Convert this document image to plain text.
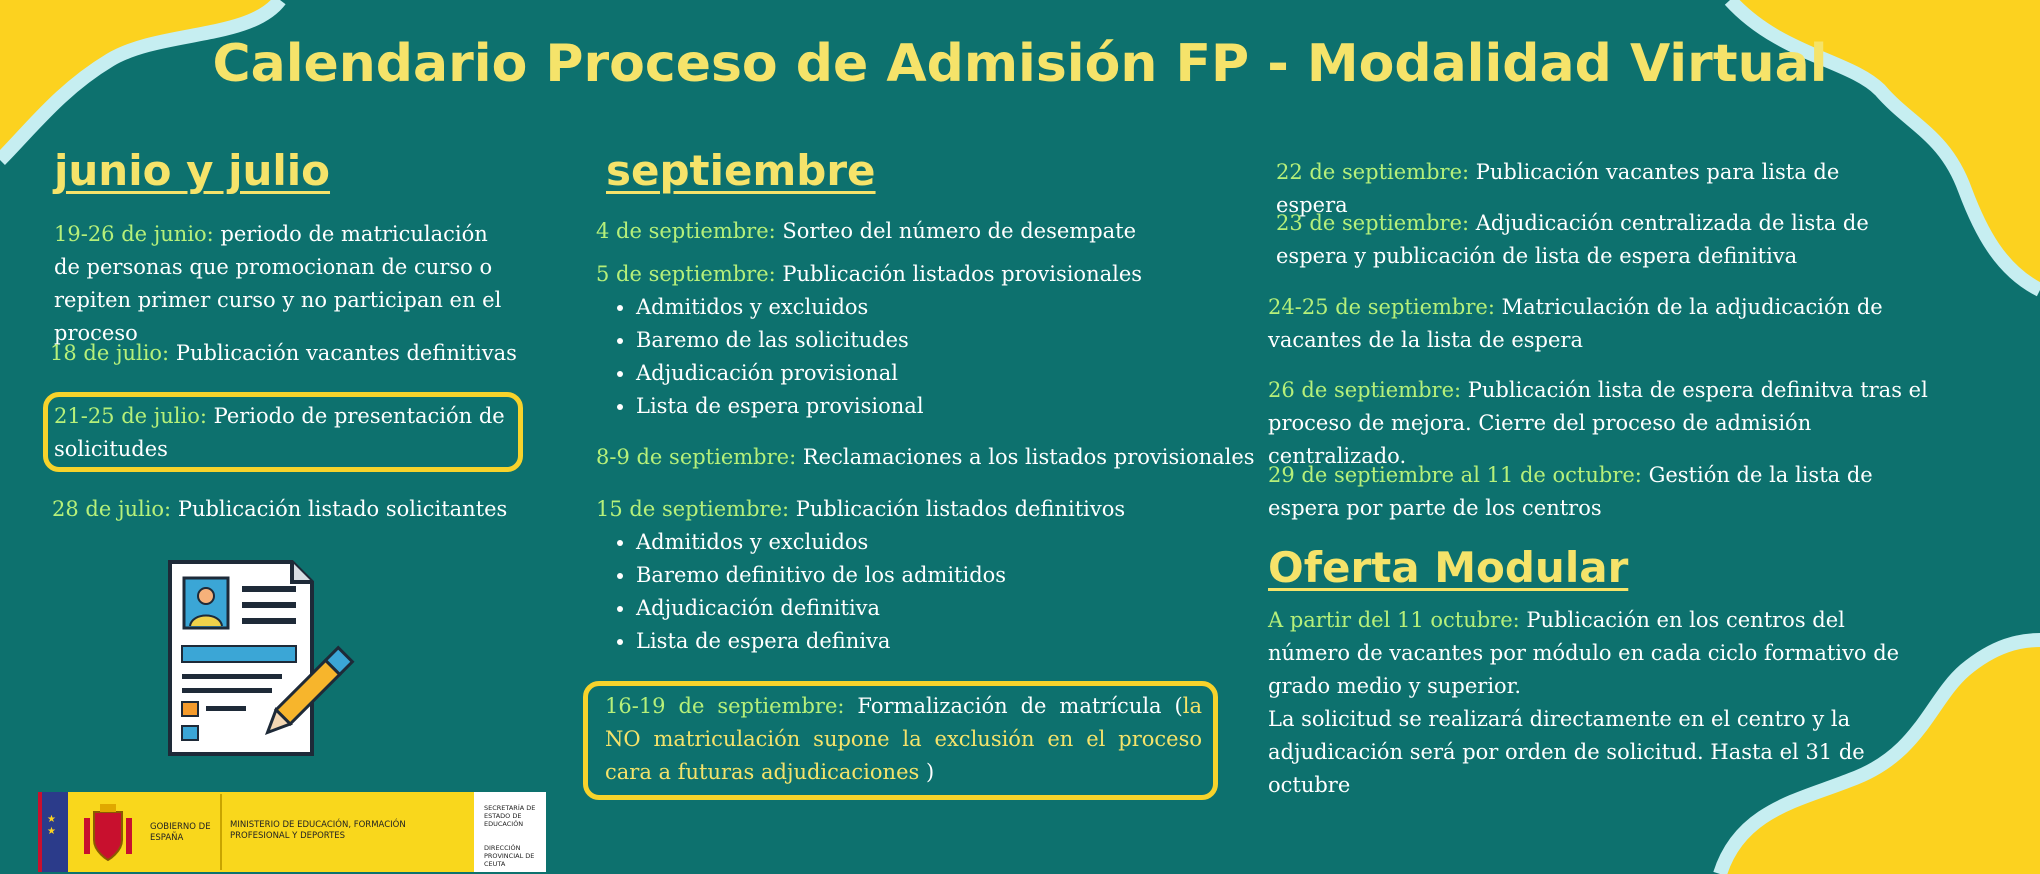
Calendario Proceso de Admisión FP - Modalidad Virtual
junio y julio
19-26 de junio: periodo de matriculación de personas que promocionan de curso o repiten primer curso y no participan en el proceso
18 de julio: Publicación vacantes definitivas
21-25 de julio: Periodo de presentación de solicitudes
28 de julio: Publicación listado solicitantes
★
★	GOBIERNO DE ESPAÑA
MINISTERIO DE EDUCACIÓN, FORMACIÓN PROFESIONAL Y DEPORTES
SECRETARÍA DE ESTADO DE EDUCACIÓN
DIRECCIÓN PROVINCIAL DE CEUTA
septiembre
4 de septiembre: Sorteo del número de desempate
5 de septiembre: Publicación listados provisionales
• Admitidos y excluidos
• Baremo de las solicitudes
• Adjudicación provisional
• Lista de espera provisional
8-9 de septiembre: Reclamaciones a los listados provisionales
15 de septiembre: Publicación listados definitivos
• Admitidos y excluidos
• Baremo definitivo de los admitidos
• Adjudicación definitiva
• Lista de espera definiva
16-19 de septiembre: Formalización de matrícula (la NO matriculación supone la exclusión en el proceso cara a futuras adjudicaciones )
22 de septiembre: Publicación vacantes para lista de espera
23 de septiembre: Adjudicación centralizada de lista de espera y publicación de lista de espera definitiva
24-25 de septiembre: Matriculación de la adjudicación de vacantes de la lista de espera
26 de septiembre: Publicación lista de espera definitva tras el proceso de mejora. Cierre del proceso de admisión centralizado.
29 de septiembre al 11 de octubre: Gestión de la lista de espera por parte de los centros
Oferta Modular
A partir del 11 octubre: Publicación en los centros del número de vacantes por módulo en cada ciclo formativo de grado medio y superior.
La solicitud se realizará directamente en el centro y la adjudicación será por orden de solicitud. Hasta el 31 de octubre
